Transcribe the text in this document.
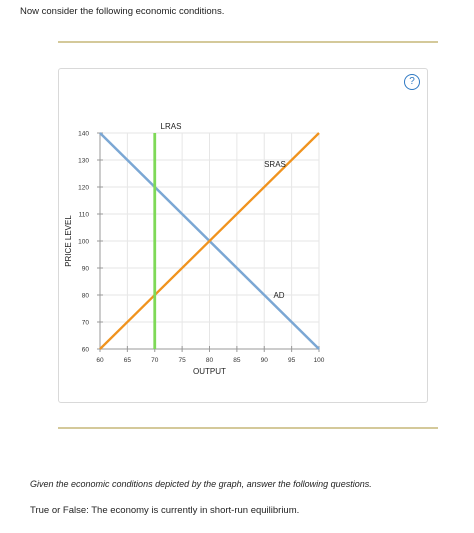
Now consider the following economic conditions.
?
60	65	70	75	80	85	90	95	100
60
70
80
90
100
110
120
130
140
OUTPUT
PRICE LEVEL
AD
SRAS
LRAS
Given the economic conditions depicted by the graph, answer the following questions.
True or False: The economy is currently in short-run equilibrium.
